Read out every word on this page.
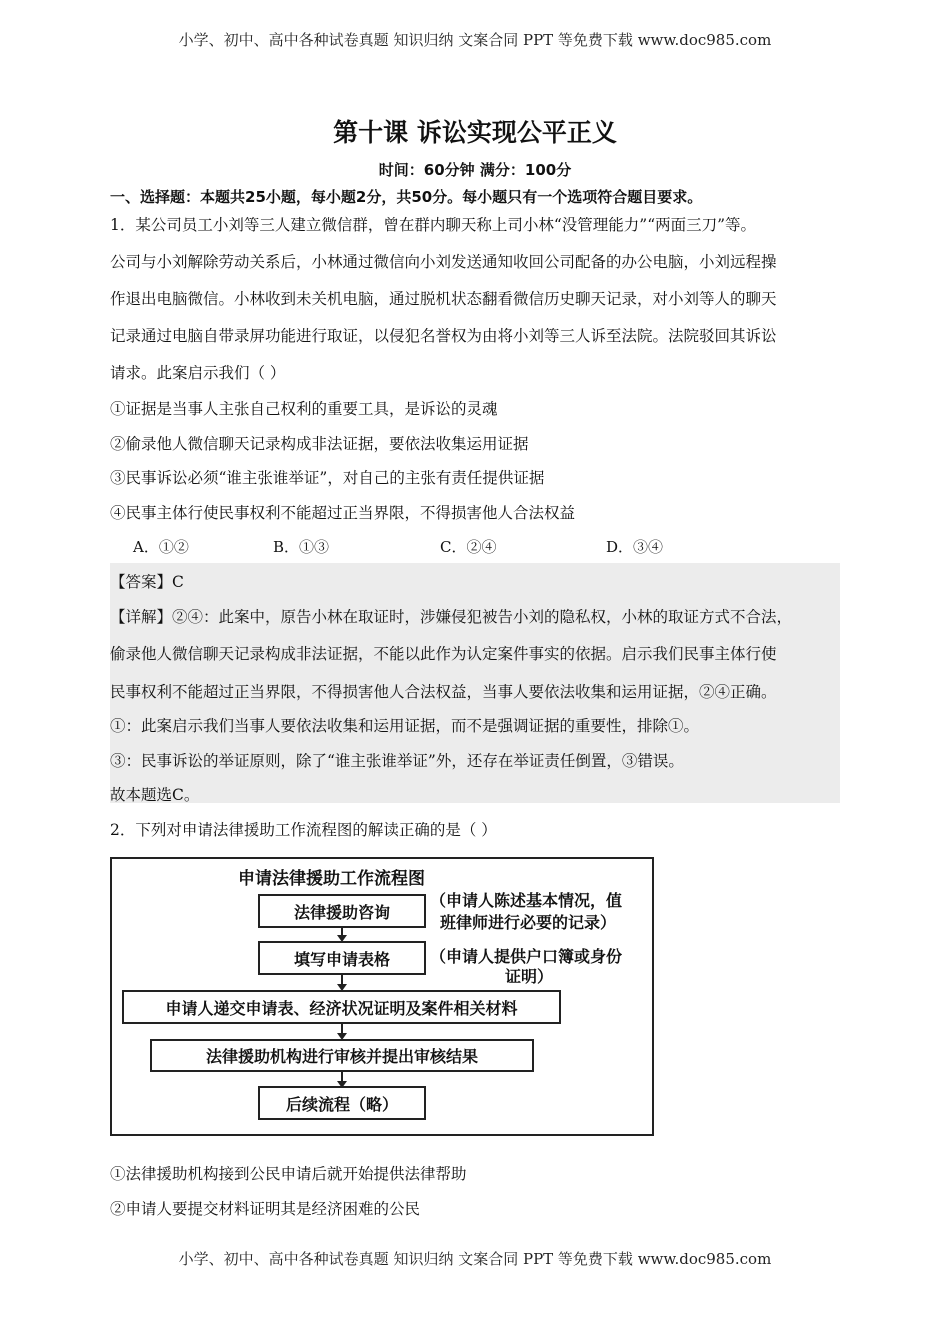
小学、初中、高中各种试卷真题 知识归纳 文案合同 PPT 等免费下载 www.doc985.com
第十课 诉讼实现公平正义
时间：60分钟 满分：100分
一、选择题：本题共25小题，每小题2分，共50分。每小题只有一个选项符合题目要求。
1．某公司员工小刘等三人建立微信群，曾在群内聊天称上司小林“没管理能力”“两面三刀”等。
公司与小刘解除劳动关系后，小林通过微信向小刘发送通知收回公司配备的办公电脑，小刘远程操
作退出电脑微信。小林收到未关机电脑，通过脱机状态翻看微信历史聊天记录，对小刘等人的聊天
记录通过电脑自带录屏功能进行取证，以侵犯名誉权为由将小刘等三人诉至法院。法院驳回其诉讼
请求。此案启示我们（ ）
①证据是当事人主张自己权利的重要工具，是诉讼的灵魂
②偷录他人微信聊天记录构成非法证据，要依法收集运用证据
③民事诉讼必须“谁主张谁举证”，对自己的主张有责任提供证据
④民事主体行使民事权利不能超过正当界限，不得损害他人合法权益
A．①②	B．①③	C．②④	D．③④
【答案】C
【详解】②④：此案中，原告小林在取证时，涉嫌侵犯被告小刘的隐私权，小林的取证方式不合法，
偷录他人微信聊天记录构成非法证据，不能以此作为认定案件事实的依据。启示我们民事主体行使
民事权利不能超过正当界限，不得损害他人合法权益，当事人要依法收集和运用证据，②④正确。
①：此案启示我们当事人要依法收集和运用证据，而不是强调证据的重要性，排除①。
③：民事诉讼的举证原则，除了“谁主张谁举证”外，还存在举证责任倒置，③错误。
故本题选C。
2．下列对申请法律援助工作流程图的解读正确的是（ ）
申请法律援助工作流程图
法律援助咨询
（申请人陈述基本情况，值
班律师进行必要的记录）
填写申请表格	（申请人提供户口簿或身份
证明）
申请人递交申请表、经济状况证明及案件相关材料
法律援助机构进行审核并提出审核结果
后续流程（略）
①法律援助机构接到公民申请后就开始提供法律帮助
②申请人要提交材料证明其是经济困难的公民
小学、初中、高中各种试卷真题 知识归纳 文案合同 PPT 等免费下载 www.doc985.com
